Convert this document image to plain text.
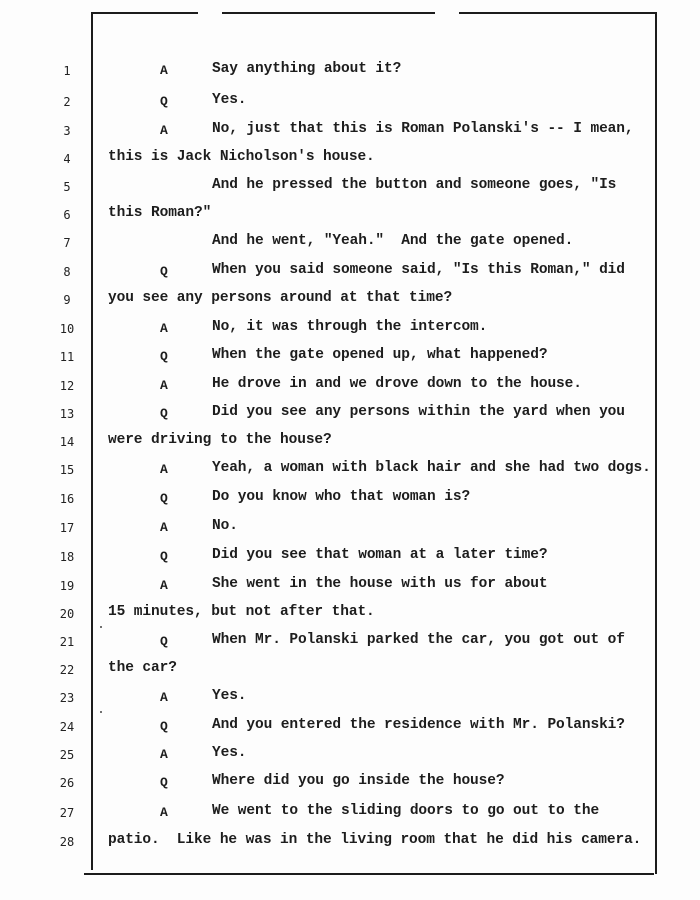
1	A	Say anything about it?
2	Q	Yes.
3	A	No, just that this is Roman Polanski's -- I mean,
4	this is Jack Nicholson's house.
5	And he pressed the button and someone goes, "Is
6	this Roman?"
7	And he went, "Yeah."  And the gate opened.
8	Q	When you said someone said, "Is this Roman," did
9	you see any persons around at that time?
10	A	No, it was through the intercom.
11	Q	When the gate opened up, what happened?
12	A	He drove in and we drove down to the house.
13	Q	Did you see any persons within the yard when you
14 were driving to the house?
15	A	Yeah, a woman with black hair and she had two dogs.
16	Q	Do you know who that woman is?
17	A	No.
18	Q	Did you see that woman at a later time?
19	A	She went in the house with us for about
20 15 minutes, but not after that.
21	Q	When Mr. Polanski parked the car, you got out of
22 the car?
23	A	Yes.
24	Q	And you entered the residence with Mr. Polanski?
25	A	Yes.
26	Q	Where did you go inside the house?
27	A	We went to the sliding doors to go out to the
28 patio.  Like he was in the living room that he did his camera.
